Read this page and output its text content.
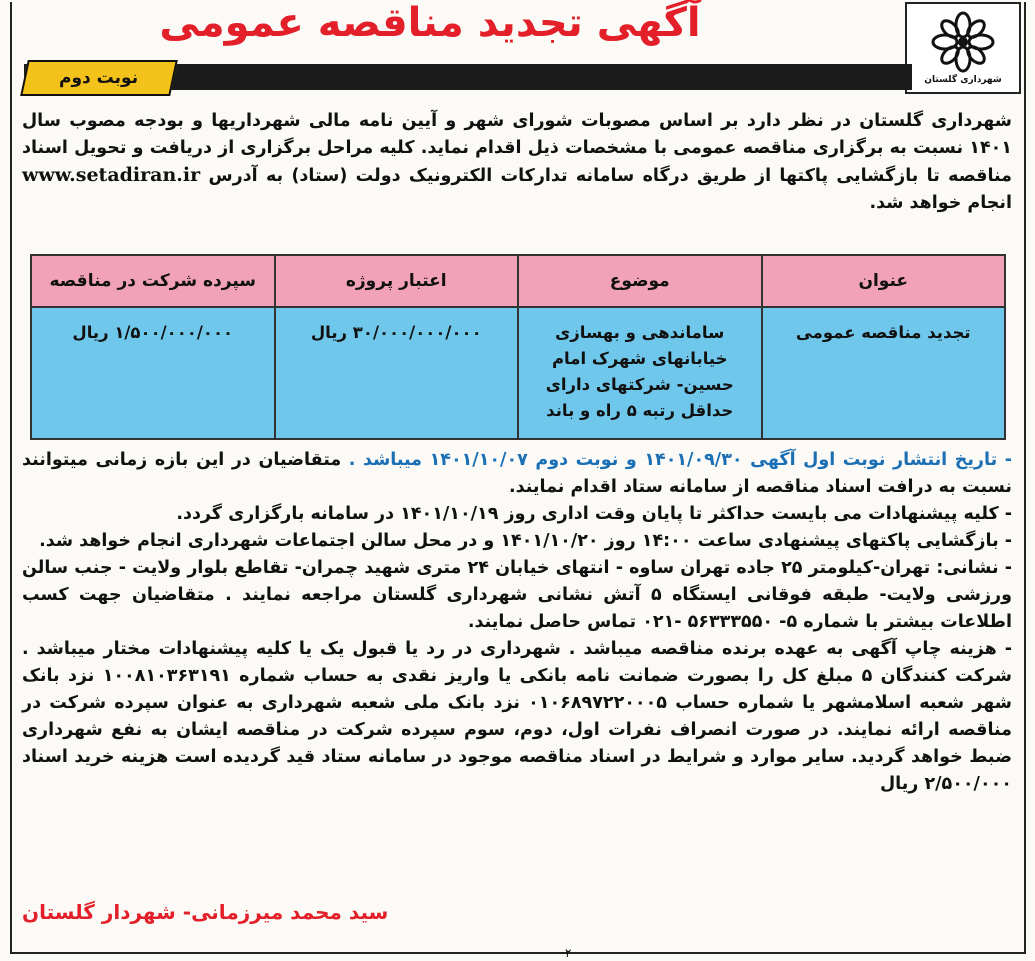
شهرداری گلستان
آگهی تجدید مناقصه عمومی
نوبت دوم
شهرداری گلستان در نظر دارد بر اساس مصوبات شورای شهر و آیین نامه مالی شهرداریها و بودجه مصوب سال ۱۴۰۱ نسبت به برگزاری مناقصه عمومی با مشخصات ذیل اقدام نماید. کلیه مراحل برگزاری از دریافت و تحویل اسناد مناقصه تا بازگشایی پاکتها از طریق درگاه سامانه تدارکات الکترونیک دولت (ستاد) به آدرس www.setadiran.ir انجام خواهد شد.
عنوان	موضوع	اعتبار پروژه	سپرده شرکت در مناقصه
تجدید مناقصه عمومی	ساماندهی و بهسازی خیابانهای شهرک امام حسین- شرکتهای دارای حداقل رتبه ۵ راه و باند	۳۰/۰۰۰/۰۰۰/۰۰۰ ریال	۱/۵۰۰/۰۰۰/۰۰۰ ریال
- تاریخ انتشار نوبت اول آگهی ۱۴۰۱/۰۹/۳۰ و نوبت دوم ۱۴۰۱/۱۰/۰۷ میباشد . متقاضیان در این بازه زمانی میتوانند نسبت به درافت اسناد مناقصه از سامانه ستاد اقدام نمایند.
- کلیه پیشنهادات می بایست حداکثر تا پایان وقت اداری روز ۱۴۰۱/۱۰/۱۹ در سامانه بارگزاری گردد.
- بازگشایی پاکتهای پیشنهادی ساعت ۱۴:۰۰ روز ۱۴۰۱/۱۰/۲۰ و در محل سالن اجتماعات شهرداری انجام خواهد شد.
- نشانی: تهران-کیلومتر ۲۵ جاده تهران ساوه - انتهای خیابان ۲۴ متری شهید چمران- تقاطع بلوار ولایت - جنب سالن ورزشی ولایت- طبقه فوقانی ایستگاه ۵ آتش نشانی شهرداری گلستان مراجعه نمایند . متقاضیان جهت کسب اطلاعات بیشتر با شماره ۵- ۵۶۳۳۳۵۵۰ -۰۲۱ تماس حاصل نمایند.
- هزینه چاپ آگهی به عهده برنده مناقصه میباشد . شهرداری در رد یا قبول یک یا کلیه پیشنهادات مختار میباشد . شرکت کنندگان ۵ مبلغ کل را بصورت ضمانت نامه بانکی یا واریز نقدی به حساب شماره ۱۰۰۸۱۰۳۶۳۱۹۱ نزد بانک شهر شعبه اسلامشهر یا شماره حساب ۰۱۰۶۸۹۷۲۲۰۰۰۵ نزد بانک ملی شعبه شهرداری به عنوان سپرده شرکت در مناقصه ارائه نمایند. در صورت انصراف نفرات اول، دوم، سوم سپرده شرکت در مناقصه ایشان به نفع شهرداری ضبط خواهد گردید. سایر موارد و شرایط در اسناد مناقصه موجود در سامانه ستاد قید گردیده است هزینه خرید اسناد ۲/۵۰۰/۰۰۰ ریال
سید محمد میرزمانی- شهردار گلستان
۲
